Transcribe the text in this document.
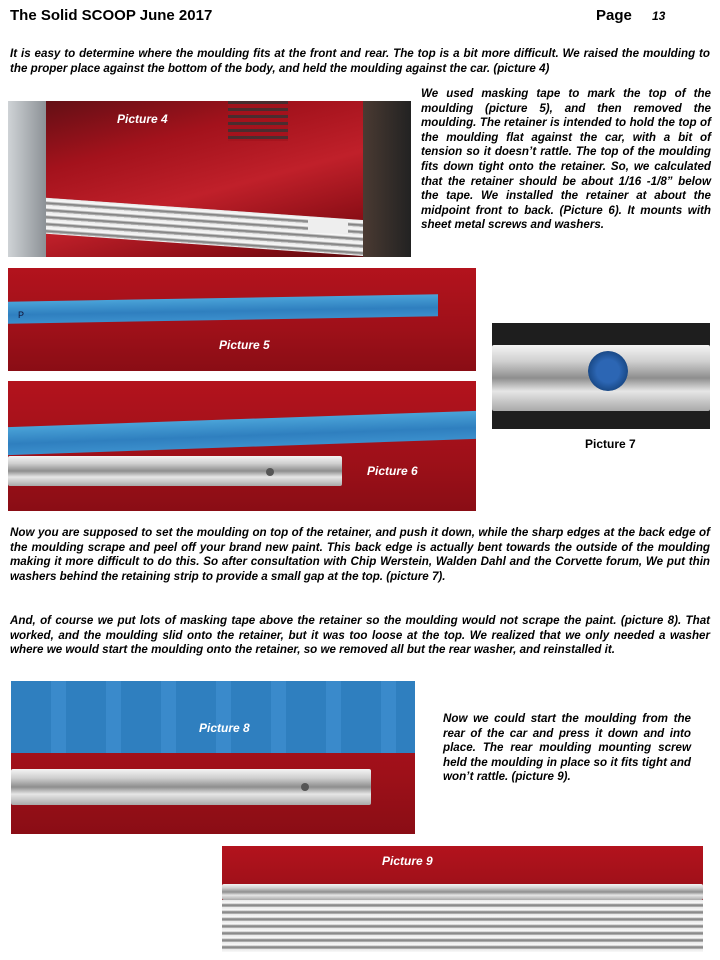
The Solid SCOOP June 2017	Page 13

It is easy to determine where the moulding fits at the front and rear. The top is a bit more difficult. We raised the moulding to the proper place against the bottom of the body, and held the moulding against the car. (picture 4)

Picture 4

We used masking tape to mark the top of the moulding (picture 5), and then removed the moulding. The retainer is intended to hold the top of the moulding flat against the car, with a bit of tension so it doesn’t rattle. The top of the moulding fits down tight onto the retainer. So, we calculated that the retainer should be about 1/16 -1/8” below the tape. We installed the retainer at about the midpoint front to back. (Picture 6). It mounts with sheet metal screws and washers.

P
Picture 5
Picture 7
Picture 6

Now you are supposed to set the moulding on top of the retainer, and push it down, while the sharp edges at the back edge of the moulding scrape and peel off your brand new paint. This back edge is actually bent towards the outside of the moulding making it more difficult to do this. So after consultation with Chip Werstein, Walden Dahl and the Corvette forum, We put thin washers behind the retaining strip to provide a small gap at the top. (picture 7).

And, of course we put lots of masking tape above the retainer so the moulding would not scrape the paint. (picture 8). That worked, and the moulding slid onto the retainer, but it was too loose at the top. We realized that we only needed a washer where we would start the moulding onto the retainer, so we removed all but the rear washer, and reinstalled it.

Picture 8

Now we could start the moulding from the rear of the car and press it down and into place. The rear moulding mounting screw held the moulding in place so it fits tight and won’t rattle. (picture 9).

Picture 9
